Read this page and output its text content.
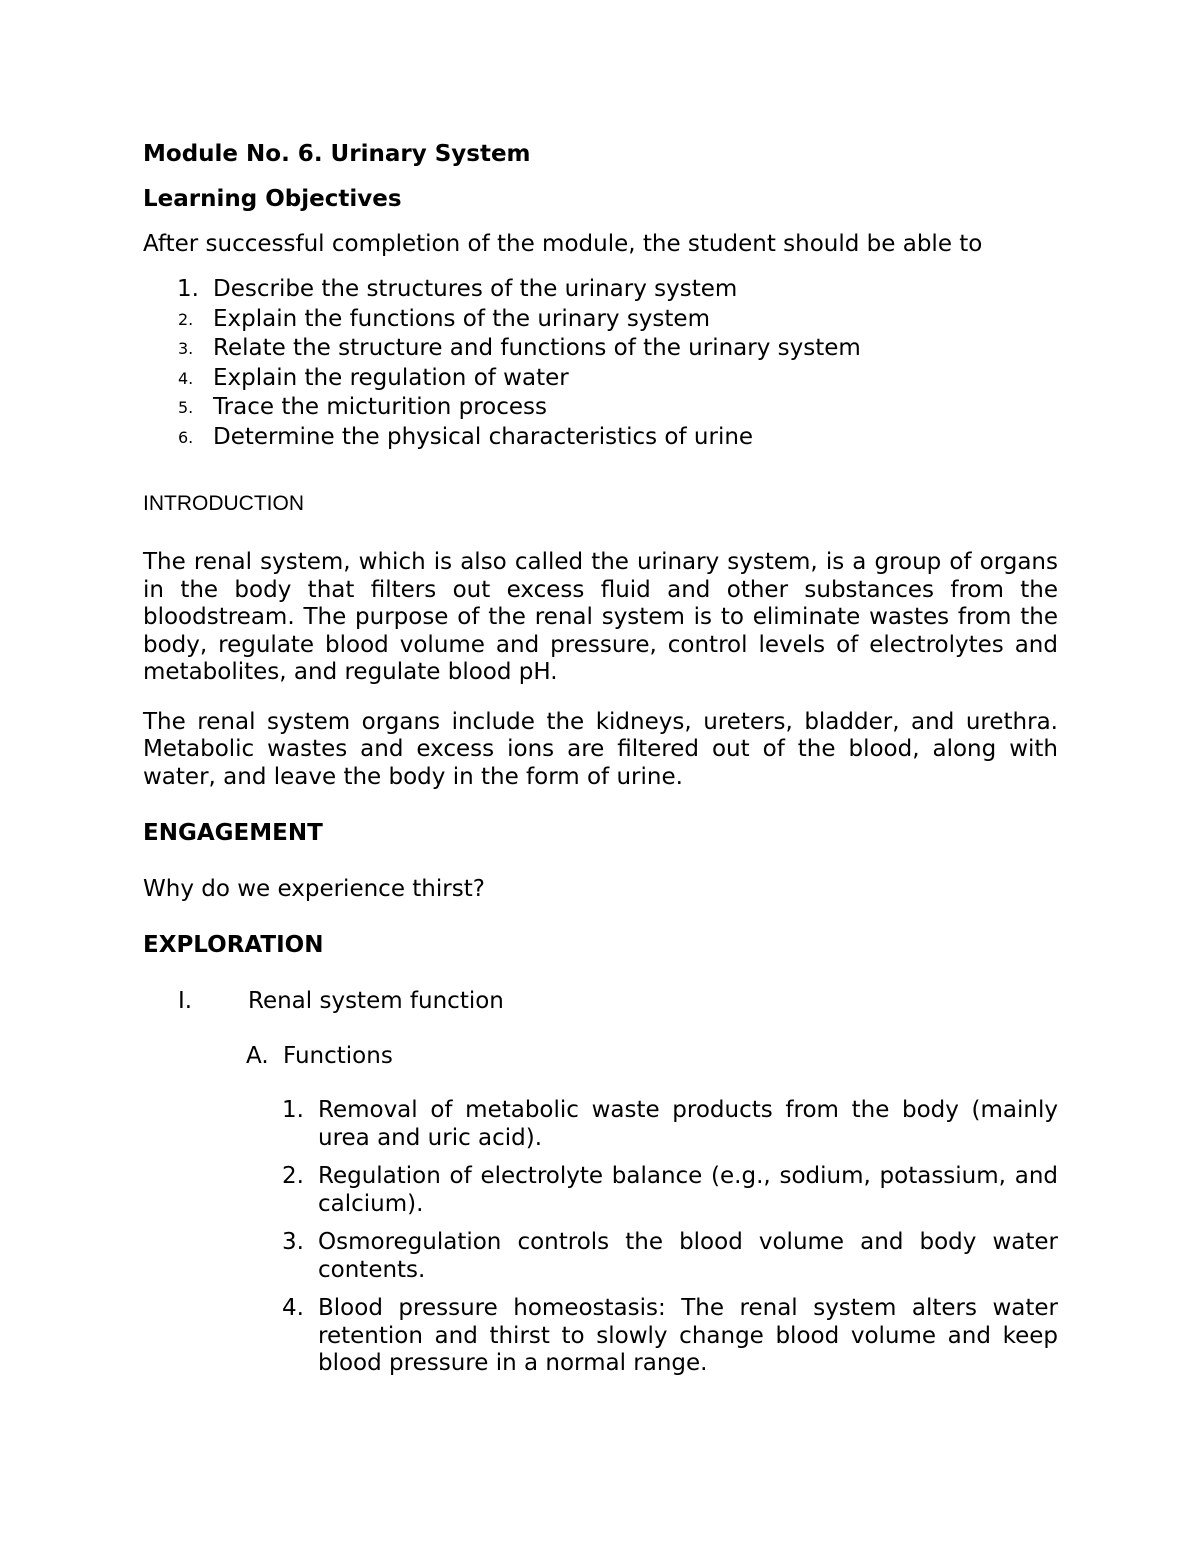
Module No. 6. Urinary System
Learning Objectives
After successful completion of the module, the student should be able to
1. Describe the structures of the urinary system
2. Explain the functions of the urinary system
3. Relate the structure and functions of the urinary system
4. Explain the regulation of water
5. Trace the micturition process
6. Determine the physical characteristics of urine
INTRODUCTION

The renal system, which is also called the urinary system, is a group of organs in the body that filters out excess fluid and other substances from the bloodstream. The purpose of the renal system is to eliminate wastes from the body, regulate blood volume and pressure, control levels of electrolytes and metabolites, and regulate blood pH.

The renal system organs include the kidneys, ureters, bladder, and urethra. Metabolic wastes and excess ions are filtered out of the blood, along with water, and leave the body in the form of urine.

ENGAGEMENT
Why do we experience thirst?
EXPLORATION
I. Renal system function
A. Functions
1. Removal of metabolic waste products from the body (mainly urea and uric acid).
2. Regulation of electrolyte balance (e.g., sodium, potassium, and calcium).
3. Osmoregulation controls the blood volume and body water contents.
4. Blood pressure homeostasis: The renal system alters water retention and thirst to slowly change blood volume and keep blood pressure in a normal range.
